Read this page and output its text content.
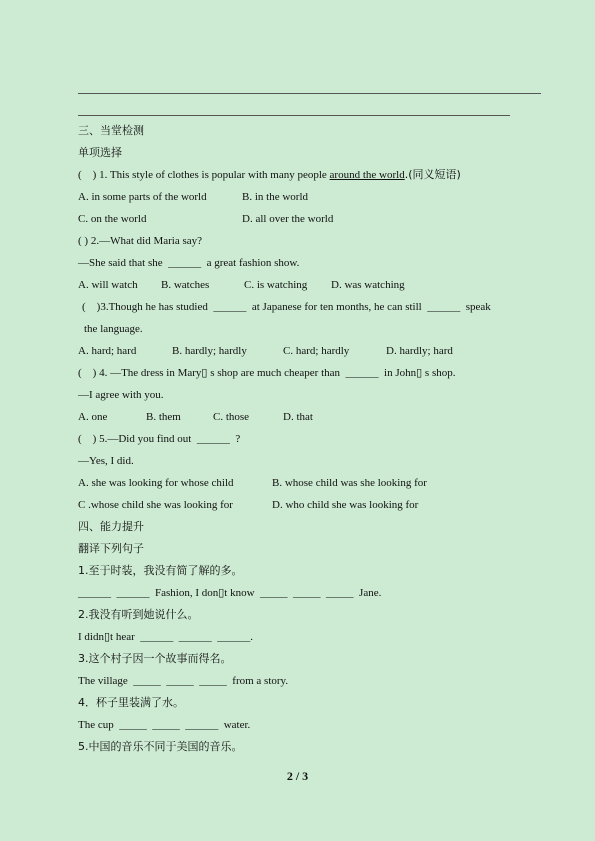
三、当堂检测
单项选择
(    ) 1. This style of clothes is popular with many people around the world.(同义短语)
A. in some parts of the world	B. in the world
C. on the world	D. all over the world
( ) 2.—What did Maria say?
—She said that she  ______  a great fashion show.
A. will watch B. watches	C. is watching D. was watching
(    )3.Though he has studied  ______  at Japanese for ten months, he can still  ______  speak
the language.
A. hard; hard	B. hardly; hardly	C. hard; hardly	D. hardly; hard
(    ) 4. —The dress in Mary▯ s shop are much cheaper than  ______  in John▯ s shop.
—I agree with you.
A. one	B. them	C. those	D. that
(    ) 5.—Did you find out  ______  ?
—Yes, I did.
A. she was looking for whose child	B. whose child was she looking for
C .whose child she was looking for	D. who child she was looking for
四、能力提升
翻译下列句子
1.至于时装，我没有简了解的多。
______  ______  Fashion, I don▯t know  _____  _____  _____  Jane.
2.我没有听到她说什么。
I didn▯t hear  ______  ______  ______.
3.这个村子因一个故事而得名。
The village  _____  _____  _____  from a story.
4．杯子里装满了水。
The cup  _____  _____  ______  water.
5.中国的音乐不同于美国的音乐。
2 / 3
